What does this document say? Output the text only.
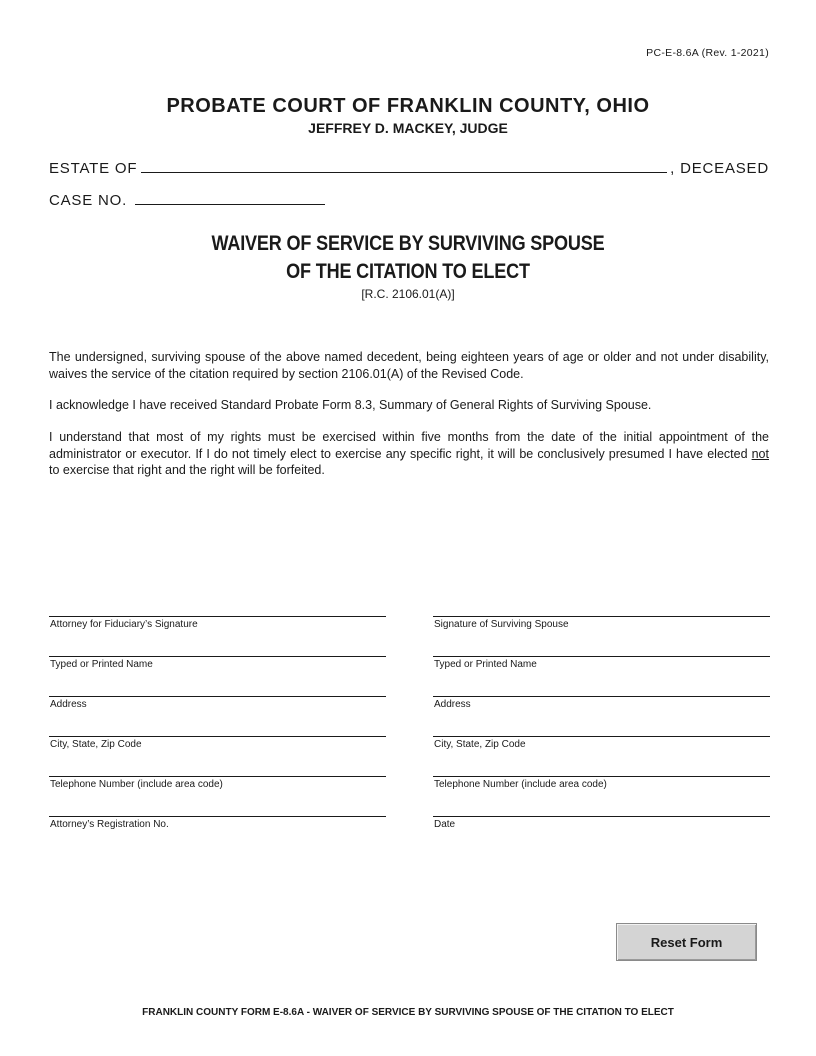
PC-E-8.6A (Rev. 1-2021)
PROBATE COURT OF FRANKLIN COUNTY, OHIO
JEFFREY D. MACKEY, JUDGE
ESTATE OF	, DECEASED
CASE NO.
WAIVER OF SERVICE BY SURVIVING SPOUSE
OF THE CITATION TO ELECT
[R.C. 2106.01(A)]

The undersigned, surviving spouse of the above named decedent, being eighteen years of age or older and not under disability, waives the service of the citation required by section 2106.01(A) of the Revised Code.

I acknowledge I have received Standard Probate Form 8.3, Summary of General Rights of Surviving Spouse.

I understand that most of my rights must be exercised within five months from the date of the initial appointment of the administrator or executor. If I do not timely elect to exercise any specific right, it will be conclusively presumed I have elected not to exercise that right and the right will be forfeited.

Attorney for Fiduciary’s Signature
Typed or Printed Name
Address
City, State, Zip Code
Telephone Number (include area code)
Attorney’s Registration No.
Signature of Surviving Spouse
Typed or Printed Name
Address
City, State, Zip Code
Telephone Number (include area code)
Date
Reset Form
FRANKLIN COUNTY FORM E-8.6A - WAIVER OF SERVICE BY SURVIVING SPOUSE OF THE CITATION TO ELECT
